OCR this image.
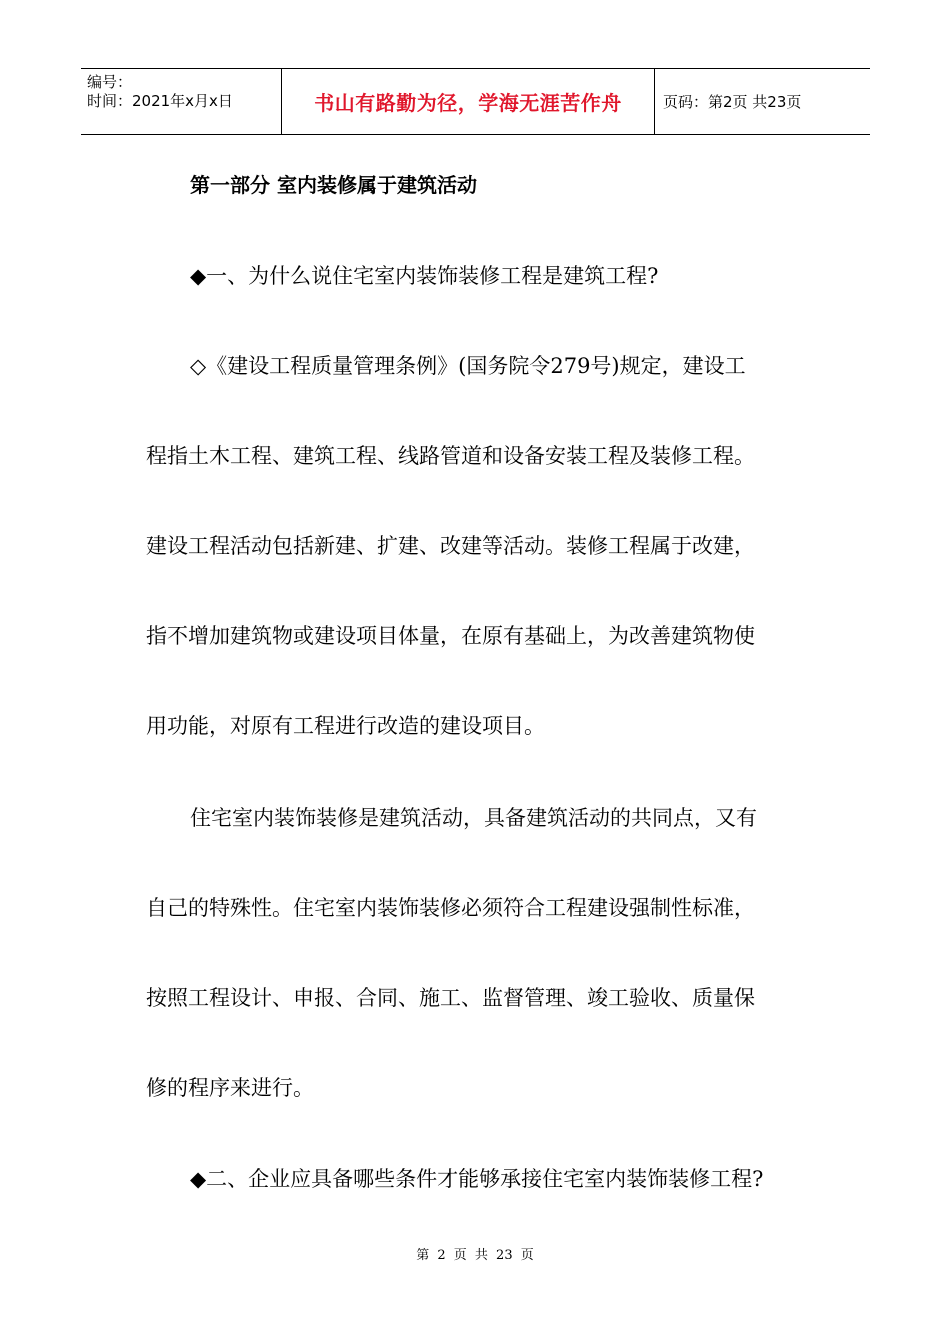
编号：
时间：2021年x月x日	书山有路勤为径，学海无涯苦作舟	页码：第2页 共23页
第一部分 室内装修属于建筑活动
◆一、为什么说住宅室内装饰装修工程是建筑工程?
◇《建设工程质量管理条例》(国务院令279号)规定，建设工
程指土木工程、建筑工程、线路管道和设备安装工程及装修工程。
建设工程活动包括新建、扩建、改建等活动。装修工程属于改建，
指不增加建筑物或建设项目体量，在原有基础上，为改善建筑物使
用功能，对原有工程进行改造的建设项目。
住宅室内装饰装修是建筑活动，具备建筑活动的共同点，又有
自己的特殊性。住宅室内装饰装修必须符合工程建设强制性标准，
按照工程设计、申报、合同、施工、监督管理、竣工验收、质量保
修的程序来进行。
◆二、企业应具备哪些条件才能够承接住宅室内装饰装修工程?
第 2 页 共 23 页
